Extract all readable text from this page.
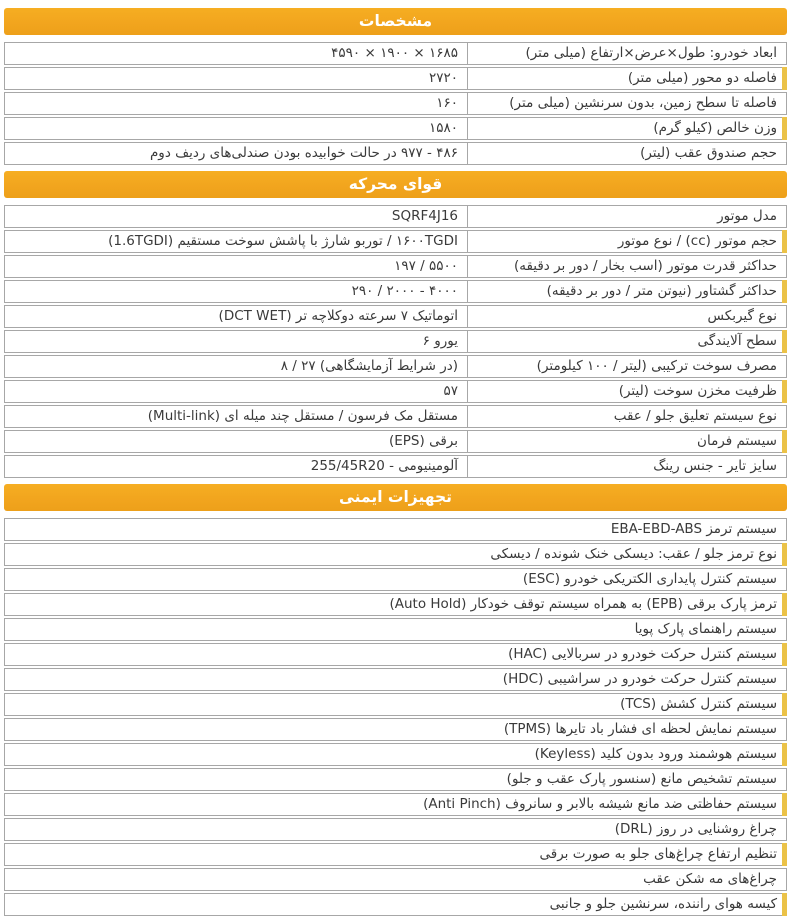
مشخصات
ابعاد خودرو: طول×عرض×ارتفاع (میلی متر)
۱۶۸۵ × ۱۹۰۰ × ۴۵۹۰
فاصله دو محور (میلی متر)
۲۷۲۰
فاصله تا سطح زمین، بدون سرنشین (میلی متر)
۱۶۰
وزن خالص (کیلو گرم)
۱۵۸۰
حجم صندوق عقب (لیتر)
۴۸۶ - ۹۷۷ در حالت خوابیده بودن صندلی‌های ردیف دوم
قوای محرکه
مدل موتور
SQRF4J16
حجم موتور (cc) / نوع موتور
۱۶۰۰TGDI / توربو شارژ با پاشش سوخت مستقیم (1.6TGDI)
حداکثر قدرت موتور (اسب بخار / دور بر دقیقه)
۵۵۰۰ / ۱۹۷
حداکثر گشتاور (نیوتن متر / دور بر دقیقه)
۴۰۰۰ - ۲۰۰۰ / ۲۹۰
نوع گیربکس
اتوماتیک ۷ سرعته دوکلاچه تر (DCT WET)
سطح آلایندگی
یورو ۶
مصرف سوخت ترکیبی (لیتر / ۱۰۰ کیلومتر)
(در شرایط آزمایشگاهی) ۲۷ / ۸
ظرفیت مخزن سوخت (لیتر)
۵۷
نوع سیستم تعلیق جلو / عقب
مستقل مک فرسون / مستقل چند میله ای (Multi-link)
سیستم فرمان
برقی (EPS)
سایز تایر - جنس رینگ
آلومینیومی - 255/45R20
تجهیزات ایمنی
سیستم ترمز EBA-EBD-ABS
نوع ترمز جلو / عقب: دیسکی خنک شونده / دیسکی
سیستم کنترل پایداری الکتریکی خودرو (ESC)
ترمز پارک برقی (EPB) به همراه سیستم توقف خودکار (Auto Hold)
سیستم راهنمای پارک پویا
سیستم کنترل حرکت خودرو در سربالایی (HAC)
سیستم کنترل حرکت خودرو در سراشیبی (HDC)
سیستم کنترل کشش (TCS)
سیستم نمایش لحظه ای فشار باد تایرها (TPMS)
سیستم هوشمند ورود بدون کلید (Keyless)
سیستم تشخیص مانع (سنسور پارک عقب و جلو)
سیستم حفاظتی ضد مانع شیشه بالابر و سانروف (Anti Pinch)
چراغ روشنایی در روز (DRL)
تنظیم ارتفاع چراغ‌های جلو به صورت برقی
چراغ‌های مه شکن عقب
کیسه هوای راننده، سرنشین جلو و جانبی
